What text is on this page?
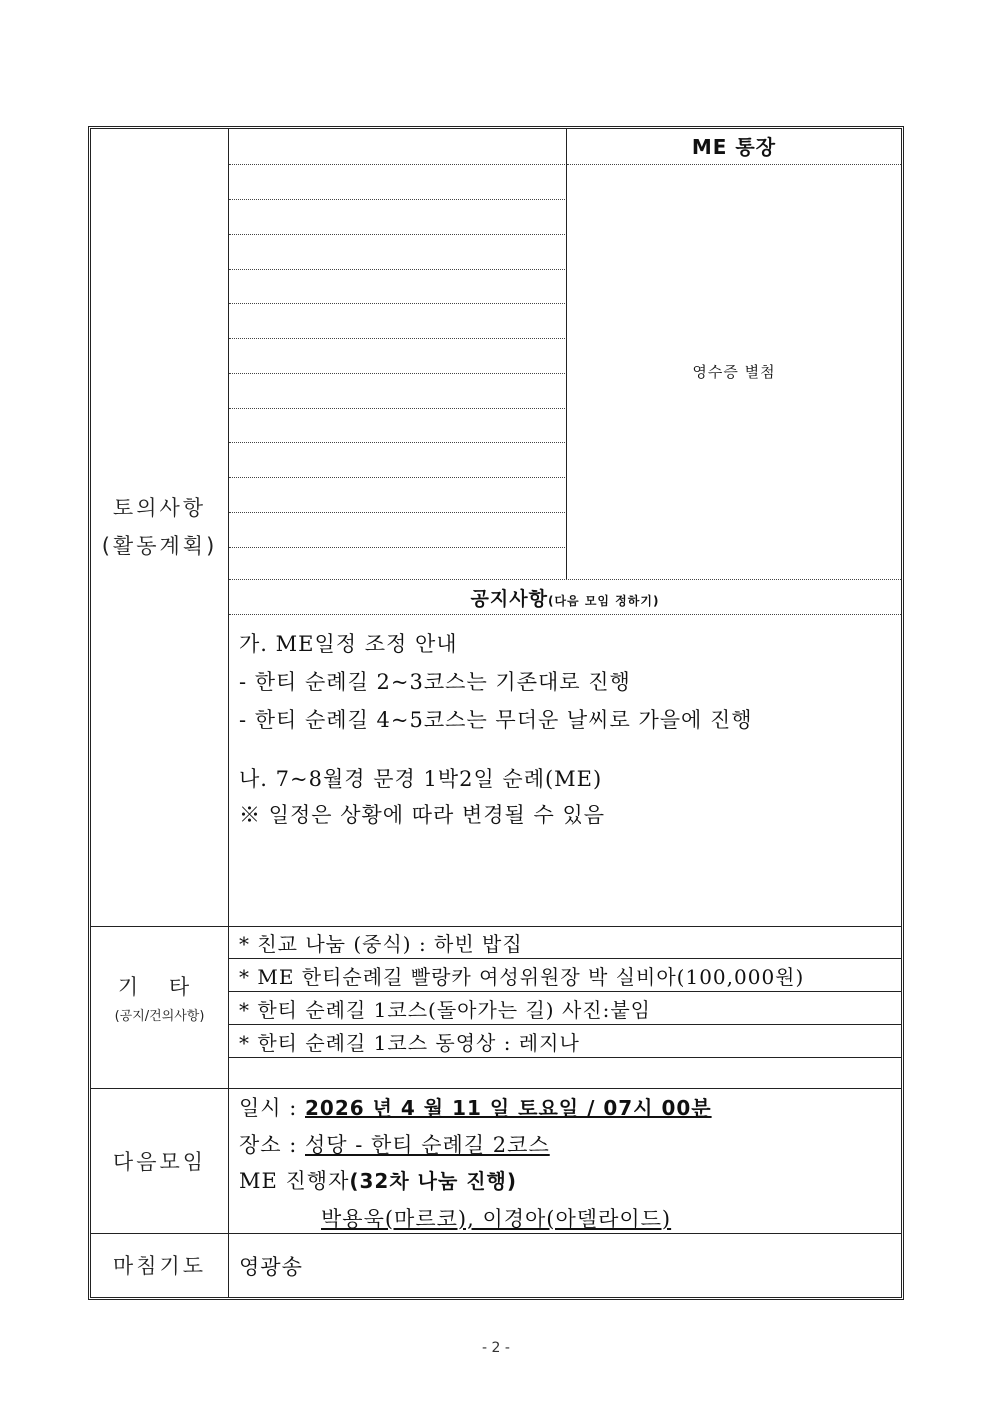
토의사항
(활동계획)
ME 통장
영수증 별첨
공지사항(다음 모임 정하기)
가. ME일정 조정 안내
- 한티 순례길 2~3코스는 기존대로 진행
- 한티 순례길 4~5코스는 무더운 날씨로 가을에 진행
나. 7~8월경 문경 1박2일 순례(ME)
※ 일정은 상황에 따라 변경될 수 있음
기 타
(공지/건의사항)
* 친교 나눔 (중식) : 하빈 밥집
* ME 한티순례길 빨랑카 여성위원장 박 실비아(100,000원)
* 한티 순례길 1코스(돌아가는 길) 사진:붙임
* 한티 순례길 1코스 동영상 : 레지나
다음모임
일시 : 2026 년 4 월 11 일 토요일 / 07시 00분
장소 : 성당 - 한티 순례길 2코스
ME 진행자(32차 나눔 진행)
박용욱(마르코), 이경아(아델라이드)
마침기도	영광송
- 2 -
